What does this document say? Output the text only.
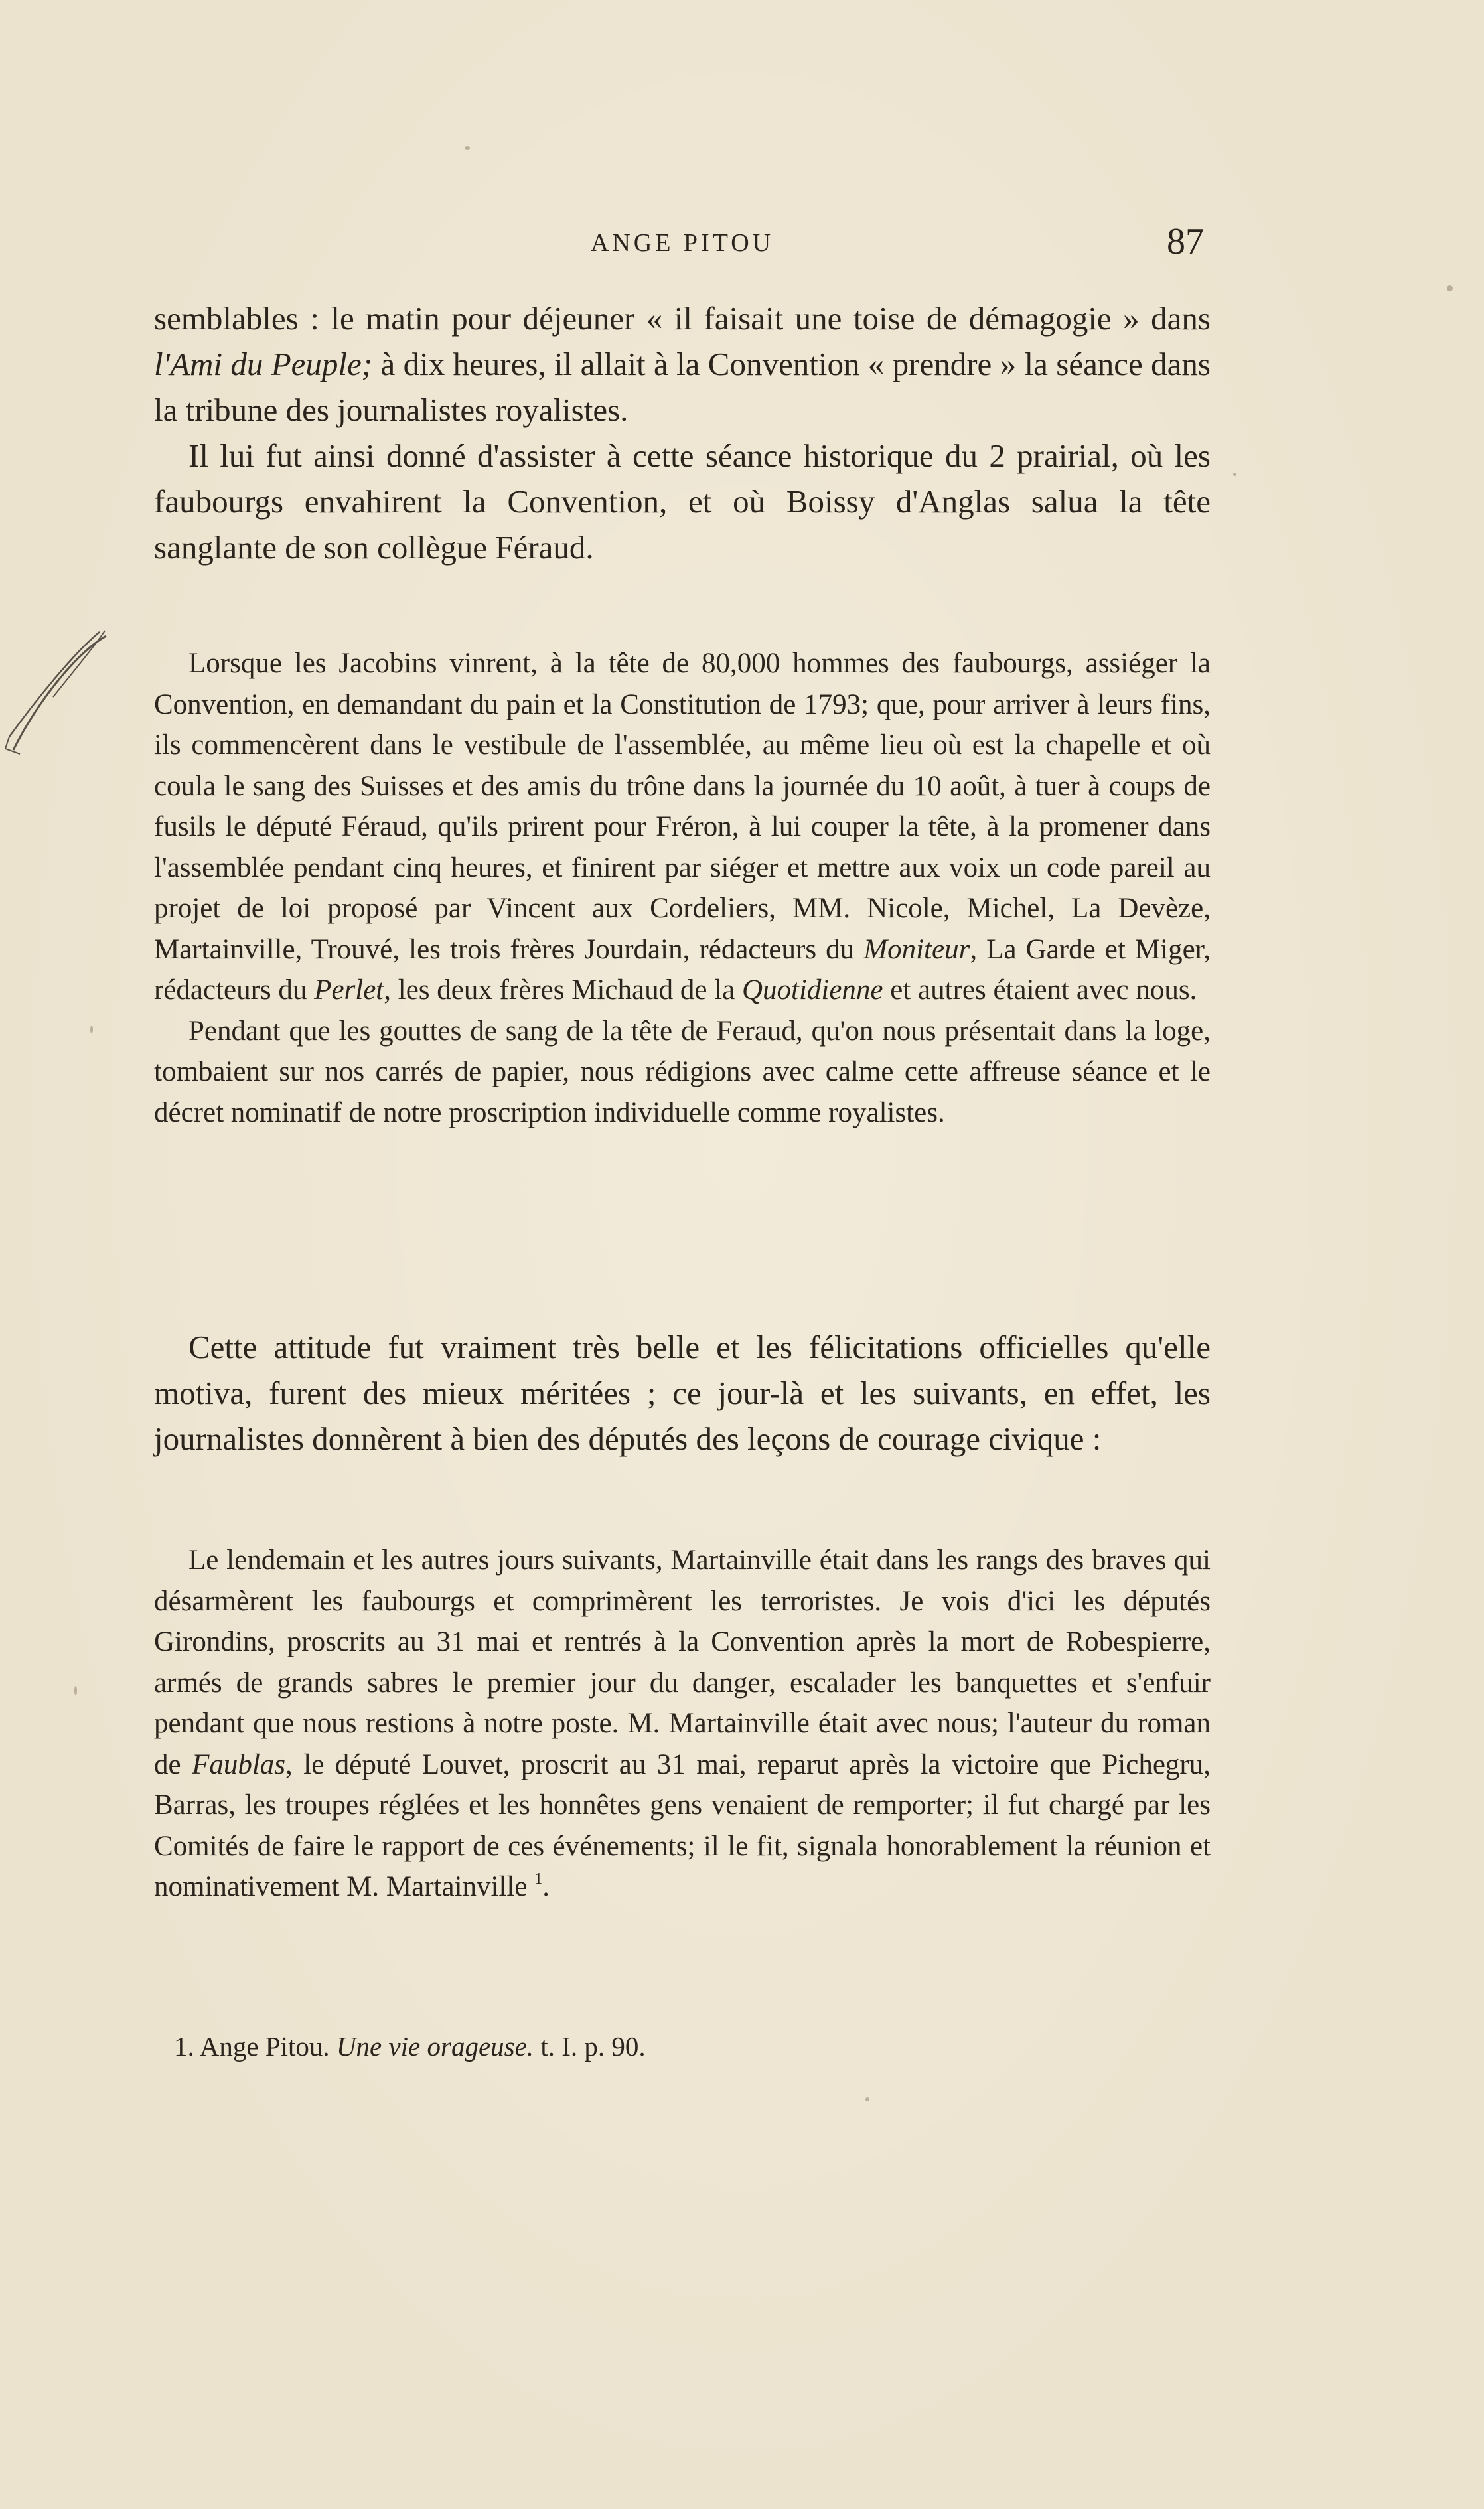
ANGE PITOU	87

semblables : le matin pour déjeuner « il faisait une toise de démagogie » dans l'Ami du Peuple; à dix heures, il allait à la Convention « prendre » la séance dans la tribune des journalistes royalistes.

Il lui fut ainsi donné d'assister à cette séance historique du 2 prairial, où les faubourgs envahirent la Convention, et où Boissy d'Anglas salua la tête sanglante de son collègue Féraud.

Lorsque les Jacobins vinrent, à la tête de 80,000 hommes des faubourgs, assiéger la Convention, en demandant du pain et la Constitution de 1793; que, pour arriver à leurs fins, ils commencèrent dans le vestibule de l'assemblée, au même lieu où est la chapelle et où coula le sang des Suisses et des amis du trône dans la journée du 10 août, à tuer à coups de fusils le député Féraud, qu'ils prirent pour Fréron, à lui couper la tête, à la promener dans l'assemblée pendant cinq heures, et finirent par siéger et mettre aux voix un code pareil au projet de loi proposé par Vincent aux Cordeliers, MM. Nicole, Michel, La Devèze, Martainville, Trouvé, les trois frères Jourdain, rédacteurs du Moniteur, La Garde et Miger, rédacteurs du Perlet, les deux frères Michaud de la Quotidienne et autres étaient avec nous.

Pendant que les gouttes de sang de la tête de Feraud, qu'on nous présentait dans la loge, tombaient sur nos carrés de papier, nous rédigions avec calme cette affreuse séance et le décret nominatif de notre proscription individuelle comme royalistes.

Cette attitude fut vraiment très belle et les félicitations officielles qu'elle motiva, furent des mieux méritées ; ce jour-là et les suivants, en effet, les journalistes donnèrent à bien des députés des leçons de courage civique :

Le lendemain et les autres jours suivants, Martainville était dans les rangs des braves qui désarmèrent les faubourgs et comprimèrent les terroristes. Je vois d'ici les députés Girondins, proscrits au 31 mai et rentrés à la Convention après la mort de Robespierre, armés de grands sabres le premier jour du danger, escalader les banquettes et s'enfuir pendant que nous restions à notre poste. M. Martainville était avec nous; l'auteur du roman de Faublas, le député Louvet, proscrit au 31 mai, reparut après la victoire que Pichegru, Barras, les troupes réglées et les honnêtes gens venaient de remporter; il fut chargé par les Comités de faire le rapport de ces événements; il le fit, signala honorablement la réunion et nominativement M. Martainville $^1$.

1. Ange Pitou. Une vie orageuse. t. I. p. 90.
